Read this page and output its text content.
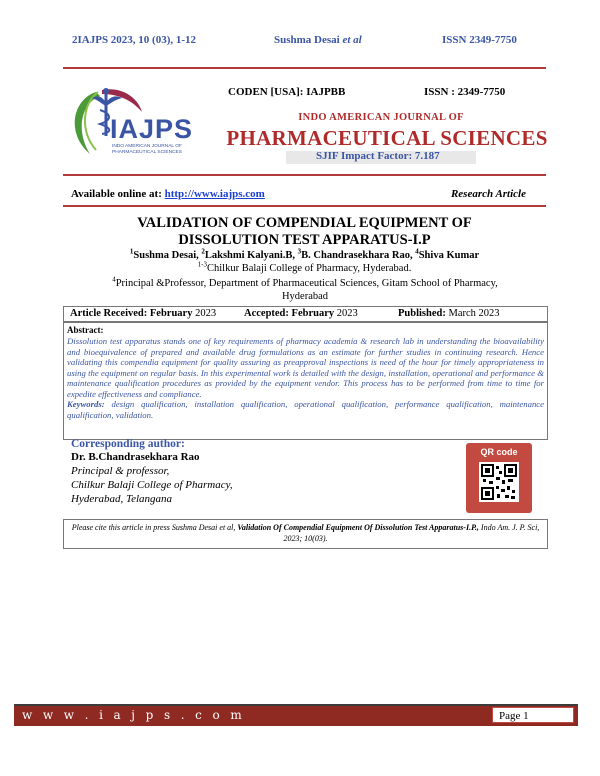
2IAJPS 2023, 10 (03), 1-12	Sushma Desai et al	ISSN 2349-7750
IAJPS
INDO AMERICAN JOURNAL OF
PHARMACEUTICAL SCIENCES
CODEN [USA]: IAJPBB	ISSN : 2349-7750
INDO AMERICAN JOURNAL OF
PHARMACEUTICAL SCIENCES
SJIF Impact Factor: 7.187
Available online at: http://www.iajps.com	Research Article
VALIDATION OF COMPENDIAL EQUIPMENT OF
DISSOLUTION TEST APPARATUS-I.P
$^1$Sushma Desai, $^2$Lakshmi Kalyani.B, $^3$B. Chandrasekhara Rao, $^4$Shiva Kumar
$^{1-3}$Chilkur Balaji College of Pharmacy, Hyderabad.
$^4$Principal &Professor, Department of Pharmaceutical Sciences, Gitam School of Pharmacy, Hyderabad
Article Received: February 2023	Accepted: February 2023	Published: March 2023
Abstract:
Dissolution test apparatus stands one of key requirements of pharmacy academia & research lab in understanding the bioavailability and bioequivalence of prepared and available drug formulations as an estimate for further studies in continuing research. Hence validating this compendia equipment for quality assuring as preapproval inspections is need of the hour for timely appropriateness in using the equipment on regular basis. In this experimental work is detailed with the design, installation, operational and performance & maintenance qualification procedures as provided by the equipment vendor. This process has to be performed from time to time for expedite effectiveness and compliance.
Keywords: design qualification, installation qualification, operational qualification, performance qualification, maintenance qualification, validation.
Corresponding author:
Dr. B.Chandrasekhara Rao
Principal & professor,
Chilkur Balaji College of Pharmacy,
Hyderabad, Telangana
QR code
Please cite this article in press Sushma Desai et al, Validation Of Compendial Equipment Of Dissolution Test Apparatus-I.P., Indo Am. J. P. Sci, 2023; 10(03).
w w w . i a j p s . c o m	Page 1
